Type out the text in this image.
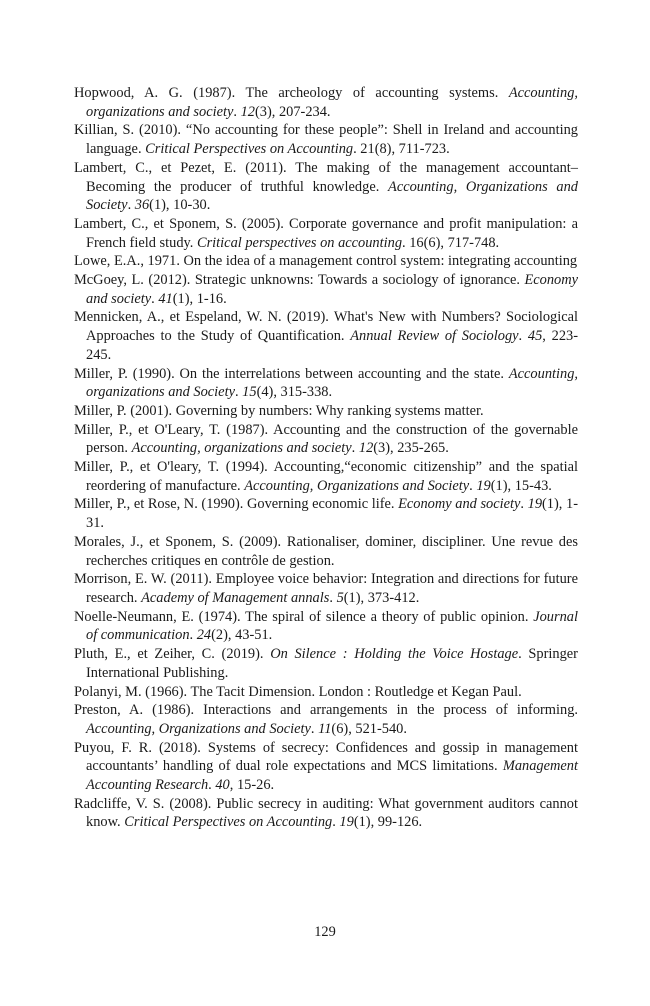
Hopwood, A. G. (1987). The archeology of accounting systems. Accounting, organizations and society. 12(3), 207-234.

Killian, S. (2010). “No accounting for these people”: Shell in Ireland and accounting language. Critical Perspectives on Accounting. 21(8), 711-723.

Lambert, C., et Pezet, E. (2011). The making of the management accountant–Becoming the producer of truthful knowledge. Accounting, Organizations and Society. 36(1), 10-30.

Lambert, C., et Sponem, S. (2005). Corporate governance and profit manipulation: a French field study. Critical perspectives on accounting. 16(6), 717-748.

Lowe, E.A., 1971. On the idea of a management control system: integrating accounting

McGoey, L. (2012). Strategic unknowns: Towards a sociology of ignorance. Economy and society. 41(1), 1-16.

Mennicken, A., et Espeland, W. N. (2019). What's New with Numbers? Sociological Approaches to the Study of Quantification. Annual Review of Sociology. 45, 223-245.

Miller, P. (1990). On the interrelations between accounting and the state. Accounting, organizations and Society. 15(4), 315-338.

Miller, P. (2001). Governing by numbers: Why ranking systems matter.

Miller, P., et O'Leary, T. (1987). Accounting and the construction of the governable person. Accounting, organizations and society. 12(3), 235-265.

Miller, P., et O'leary, T. (1994). Accounting,“economic citizenship” and the spatial reordering of manufacture. Accounting, Organizations and Society. 19(1), 15-43.

Miller, P., et Rose, N. (1990). Governing economic life. Economy and society. 19(1), 1-31.

Morales, J., et Sponem, S. (2009). Rationaliser, dominer, discipliner. Une revue des recherches critiques en contrôle de gestion.

Morrison, E. W. (2011). Employee voice behavior: Integration and directions for future research. Academy of Management annals. 5(1), 373-412.

Noelle-Neumann, E. (1974). The spiral of silence a theory of public opinion. Journal of communication. 24(2), 43-51.

Pluth, E., et Zeiher, C. (2019). On Silence : Holding the Voice Hostage. Springer International Publishing.

Polanyi, M. (1966). The Tacit Dimension. London : Routledge et Kegan Paul.

Preston, A. (1986). Interactions and arrangements in the process of informing. Accounting, Organizations and Society. 11(6), 521-540.

Puyou, F. R. (2018). Systems of secrecy: Confidences and gossip in management accountants’ handling of dual role expectations and MCS limitations. Management Accounting Research. 40, 15-26.

Radcliffe, V. S. (2008). Public secrecy in auditing: What government auditors cannot know. Critical Perspectives on Accounting. 19(1), 99-126.

129
